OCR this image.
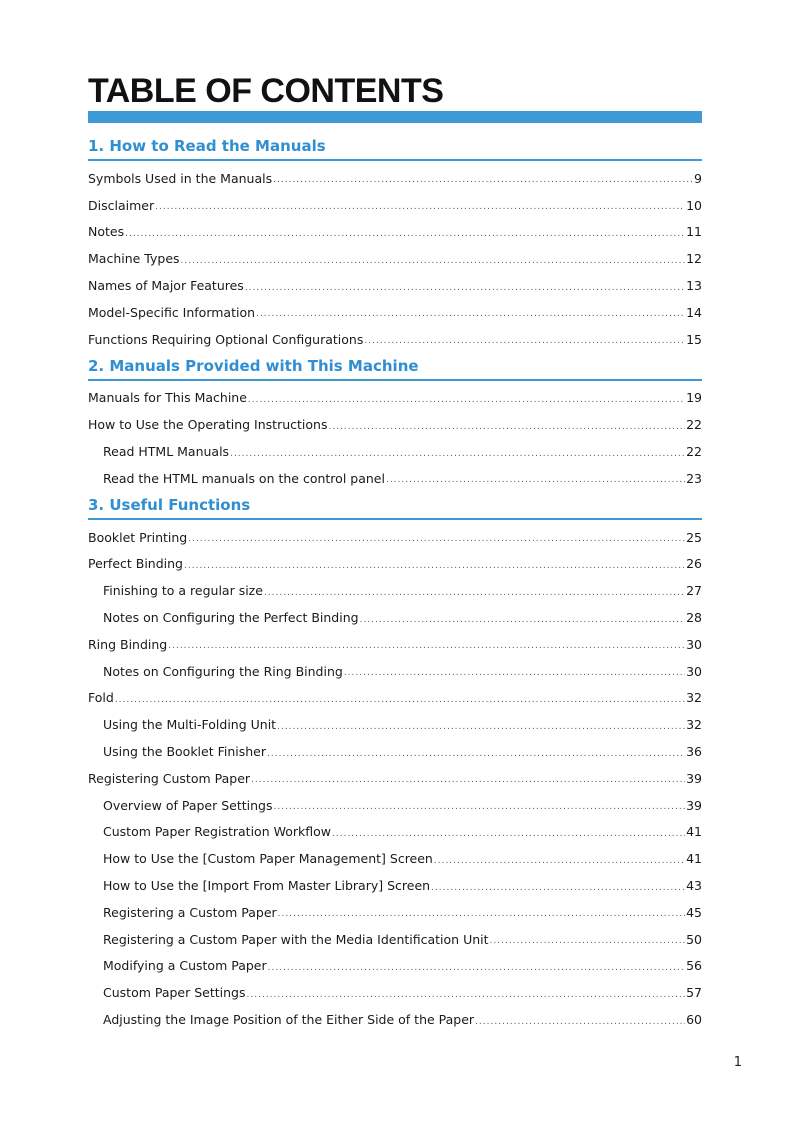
TABLE OF CONTENTS
1. How to Read the Manuals
Symbols Used in the Manuals .....	9
Disclaimer .....	10
Notes .....	11
Machine Types .....	12
Names of Major Features .....	13
Model-Specific Information .....	14
Functions Requiring Optional Configurations .....	15
2. Manuals Provided with This Machine
Manuals for This Machine .....	19
How to Use the Operating Instructions .....	22
Read HTML Manuals .....	22
Read the HTML manuals on the control panel .....	23
3. Useful Functions
Booklet Printing .....	25
Perfect Binding .....	26
Finishing to a regular size .....	27
Notes on Configuring the Perfect Binding .....	28
Ring Binding .....	30
Notes on Configuring the Ring Binding .....	30
Fold .....	32
Using the Multi-Folding Unit .....	32
Using the Booklet Finisher .....	36
Registering Custom Paper .....	39
Overview of Paper Settings .....	39
Custom Paper Registration Workflow .....	41
How to Use the [Custom Paper Management] Screen .....	41
How to Use the [Import From Master Library] Screen .....	43
Registering a Custom Paper .....	45
Registering a Custom Paper with the Media Identification Unit .....	50
Modifying a Custom Paper .....	56
Custom Paper Settings .....	57
Adjusting the Image Position of the Either Side of the Paper .....	60
1
